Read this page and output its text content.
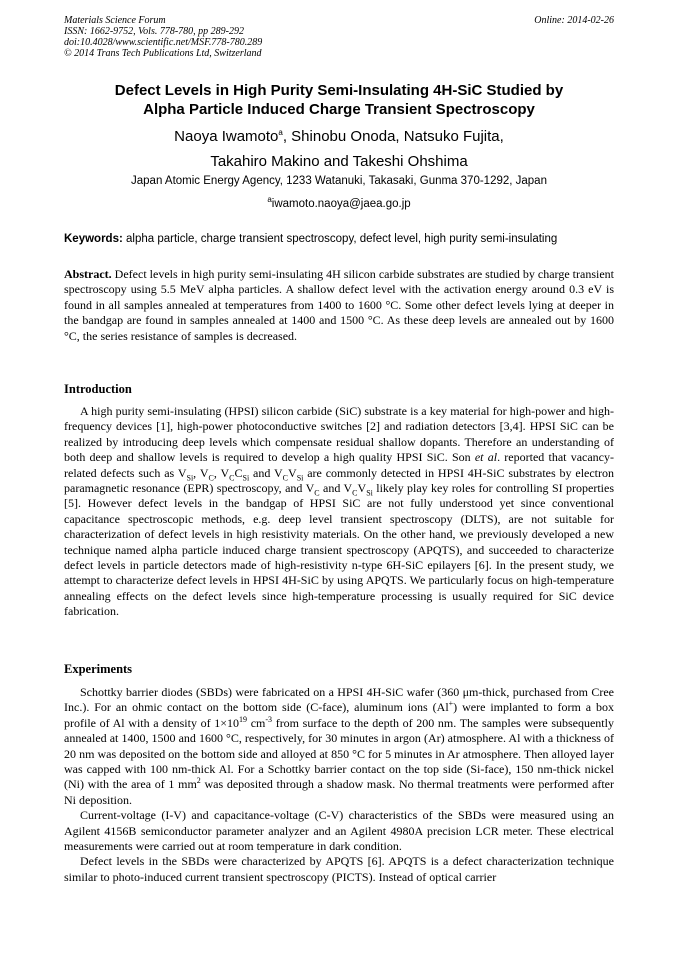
Materials Science Forum
ISSN: 1662-9752, Vols. 778-780, pp 289-292
doi:10.4028/www.scientific.net/MSF.778-780.289
© 2014 Trans Tech Publications Ltd, Switzerland
Online: 2014-02-26
Defect Levels in High Purity Semi-Insulating 4H-SiC Studied by
Alpha Particle Induced Charge Transient Spectroscopy
Naoya Iwamoto$^a$, Shinobu Onoda, Natsuko Fujita,
Takahiro Makino and Takeshi Ohshima
Japan Atomic Energy Agency, 1233 Watanuki, Takasaki, Gunma 370-1292, Japan
$^a$iwamoto.naoya@jaea.go.jp
Keywords: alpha particle, charge transient spectroscopy, defect level, high purity semi-insulating

Abstract. Defect levels in high purity semi-insulating 4H silicon carbide substrates are studied by charge transient spectroscopy using 5.5 MeV alpha particles. A shallow defect level with the activation energy around 0.3 eV is found in all samples annealed at temperatures from 1400 to 1600 °C. Some other defect levels lying at deeper in the bandgap are found in samples annealed at 1400 and 1500 °C. As these deep levels are annealed out by 1600 °C, the series resistance of samples is decreased.

Introduction

A high purity semi-insulating (HPSI) silicon carbide (SiC) substrate is a key material for high-power and high-frequency devices [1], high-power photoconductive switches [2] and radiation detectors [3,4]. HPSI SiC can be realized by introducing deep levels which compensate residual shallow dopants. Therefore an understanding of both deep and shallow levels is required to develop a high quality HPSI SiC. Son et al. reported that vacancy-related defects such as $V_{Si}$, $V_C$, $V_CC_{Si}$ and $V_CV_{Si}$ are commonly detected in HPSI 4H-SiC substrates by electron paramagnetic resonance (EPR) spectroscopy, and $V_C$ and $V_CV_{Si}$ likely play key roles for controlling SI properties [5]. However defect levels in the bandgap of HPSI SiC are not fully understood yet since conventional capacitance spectroscopic methods, e.g. deep level transient spectroscopy (DLTS), are not suitable for characterization of defect levels in high resistivity materials. On the other hand, we previously developed a new technique named alpha particle induced charge transient spectroscopy (APQTS), and succeeded to characterize defect levels in particle detectors made of high-resistivity n-type 6H-SiC epilayers [6]. In the present study, we attempt to characterize defect levels in HPSI 4H-SiC by using APQTS. We particularly focus on high-temperature annealing effects on the defect levels since high-temperature processing is usually required for SiC device fabrication.

Experiments

Schottky barrier diodes (SBDs) were fabricated on a HPSI 4H-SiC wafer (360 μm-thick, purchased from Cree Inc.). For an ohmic contact on the bottom side (C-face), aluminum ions (Al+) were implanted to form a box profile of Al with a density of $1\times 10^{19}$ $cm^{-3}$ from surface to the depth of 200 nm. The samples were subsequently annealed at 1400, 1500 and 1600 °C, respectively, for 30 minutes in argon (Ar) atmosphere. Al with a thickness of 20 nm was deposited on the bottom side and alloyed at 850 °C for 5 minutes in Ar atmosphere. Then alloyed layer was capped with 100 nm-thick Al. For a Schottky barrier contact on the top side (Si-face), 150 nm-thick nickel (Ni) with the area of 1 $mm^2$ was deposited through a shadow mask. No thermal treatments were performed after Ni deposition.

Current-voltage (I-V) and capacitance-voltage (C-V) characteristics of the SBDs were measured using an Agilent 4156B semiconductor parameter analyzer and an Agilent 4980A precision LCR meter. These electrical measurements were carried out at room temperature in dark condition.

Defect levels in the SBDs were characterized by APQTS [6]. APQTS is a defect characterization technique similar to photo-induced current transient spectroscopy (PICTS). Instead of optical carrier
